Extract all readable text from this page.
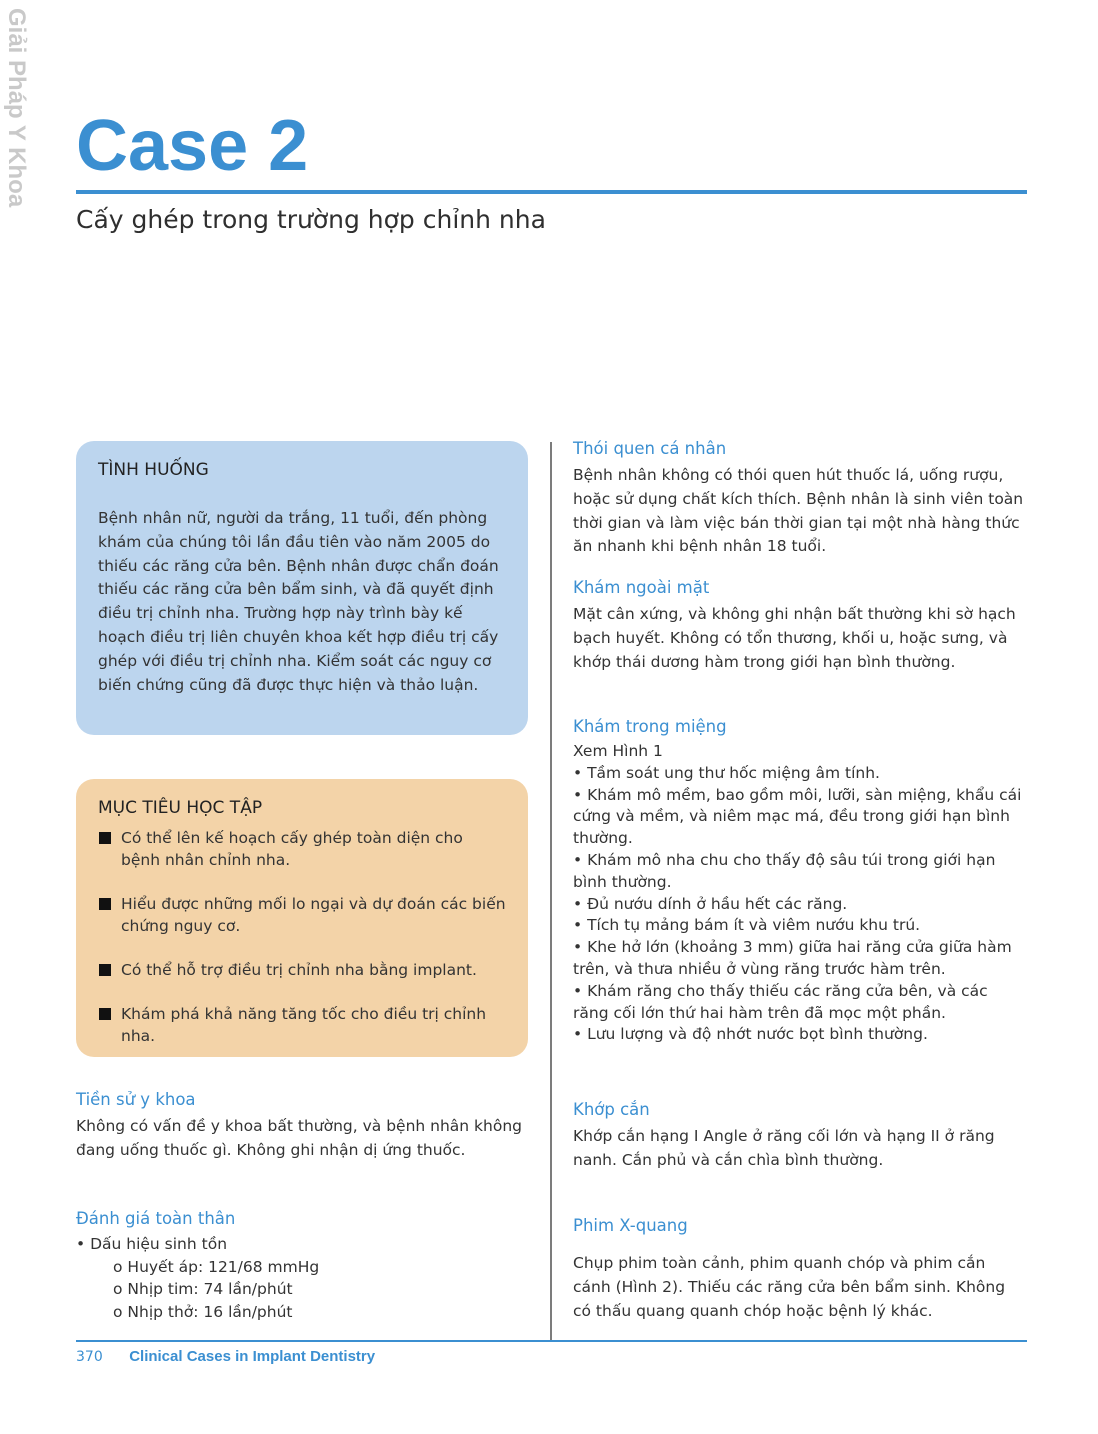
Giải Pháp Y Khoa Case 2
Cấy ghép trong trường hợp chỉnh nha
TÌNH HUỐNG

Bệnh nhân nữ, người da trắng, 11 tuổi, đến phòng khám của chúng tôi lần đầu tiên vào năm 2005 do thiếu các răng cửa bên. Bệnh nhân được chẩn đoán thiếu các răng cửa bên bẩm sinh, và đã quyết định điều trị chỉnh nha. Trường hợp này trình bày kế hoạch điều trị liên chuyên khoa kết hợp điều trị cấy ghép với điều trị chỉnh nha. Kiểm soát các nguy cơ biến chứng cũng đã được thực hiện và thảo luận.

MỤC TIÊU HỌC TẬP
Có thể lên kế hoạch cấy ghép toàn diện cho bệnh nhân chỉnh nha.
Hiểu được những mối lo ngại và dự đoán các biến chứng nguy cơ.
Có thể hỗ trợ điều trị chỉnh nha bằng implant.
Khám phá khả năng tăng tốc cho điều trị chỉnh nha.
Tiền sử y khoa

Không có vấn đề y khoa bất thường, và bệnh nhân không đang uống thuốc gì. Không ghi nhận dị ứng thuốc.

Đánh giá toàn thân
• Dấu hiệu sinh tồn
o Huyết áp: 121/68 mmHg
o Nhịp tim: 74 lần/phút
o Nhịp thở: 16 lần/phút
Thói quen cá nhân

Bệnh nhân không có thói quen hút thuốc lá, uống rượu, hoặc sử dụng chất kích thích. Bệnh nhân là sinh viên toàn thời gian và làm việc bán thời gian tại một nhà hàng thức ăn nhanh khi bệnh nhân 18 tuổi.

Khám ngoài mặt

Mặt cân xứng, và không ghi nhận bất thường khi sờ hạch bạch huyết. Không có tổn thương, khối u, hoặc sưng, và khớp thái dương hàm trong giới hạn bình thường.

Khám trong miệng
Xem Hình 1
• Tầm soát ung thư hốc miệng âm tính.
• Khám mô mềm, bao gồm môi, lưỡi, sàn miệng, khẩu cái cứng và mềm, và niêm mạc má, đều trong giới hạn bình thường.
• Khám mô nha chu cho thấy độ sâu túi trong giới hạn bình thường.
• Đủ nướu dính ở hầu hết các răng.
• Tích tụ mảng bám ít và viêm nướu khu trú.
• Khe hở lớn (khoảng 3 mm) giữa hai răng cửa giữa hàm trên, và thưa nhiều ở vùng răng trước hàm trên.
• Khám răng cho thấy thiếu các răng cửa bên, và các răng cối lớn thứ hai hàm trên đã mọc một phần.
• Lưu lượng và độ nhớt nước bọt bình thường.
Khớp cắn

Khớp cắn hạng I Angle ở răng cối lớn và hạng II ở răng nanh. Cắn phủ và cắn chìa bình thường.

Phim X-quang

Chụp phim toàn cảnh, phim quanh chóp và phim cắn cánh (Hình 2). Thiếu các răng cửa bên bẩm sinh. Không có thấu quang quanh chóp hoặc bệnh lý khác.

370 Clinical Cases in Implant Dentistry
